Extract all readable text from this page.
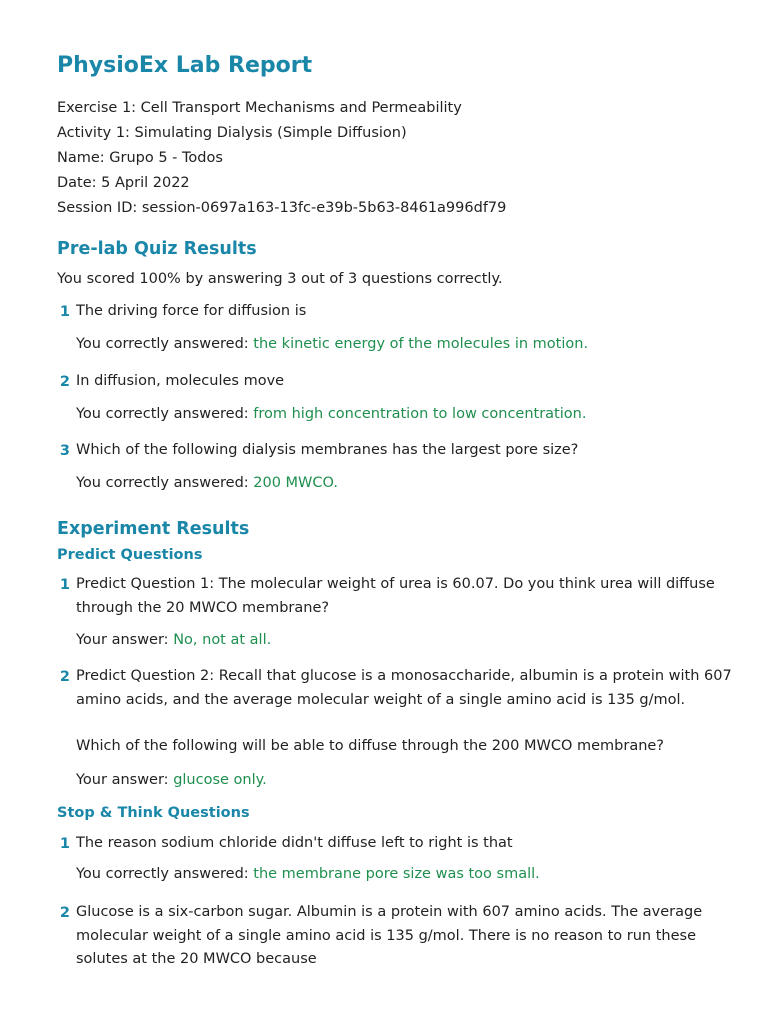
PhysioEx Lab Report
Exercise 1: Cell Transport Mechanisms and Permeability
Activity 1: Simulating Dialysis (Simple Diffusion)
Name: Grupo 5 - Todos
Date: 5 April 2022
Session ID: session-0697a163-13fc-e39b-5b63-8461a996df79
Pre-lab Quiz Results
You scored 100% by answering 3 out of 3 questions correctly.
1 The driving force for diffusion is
You correctly answered: the kinetic energy of the molecules in motion.
2 In diffusion, molecules move
You correctly answered: from high concentration to low concentration.
3 Which of the following dialysis membranes has the largest pore size?
You correctly answered: 200 MWCO.
Experiment Results
Predict Questions
1 Predict Question 1: The molecular weight of urea is 60.07. Do you think urea will diffuse through the 20 MWCO membrane?
Your answer: No, not at all.
2 Predict Question 2: Recall that glucose is a monosaccharide, albumin is a protein with 607 amino acids, and the average molecular weight of a single amino acid is 135 g/mol.
Which of the following will be able to diffuse through the 200 MWCO membrane?
Your answer: glucose only.
Stop & Think Questions
1 The reason sodium chloride didn't diffuse left to right is that
You correctly answered: the membrane pore size was too small.
2 Glucose is a six-carbon sugar. Albumin is a protein with 607 amino acids. The average molecular weight of a single amino acid is 135 g/mol. There is no reason to run these solutes at the 20 MWCO because
